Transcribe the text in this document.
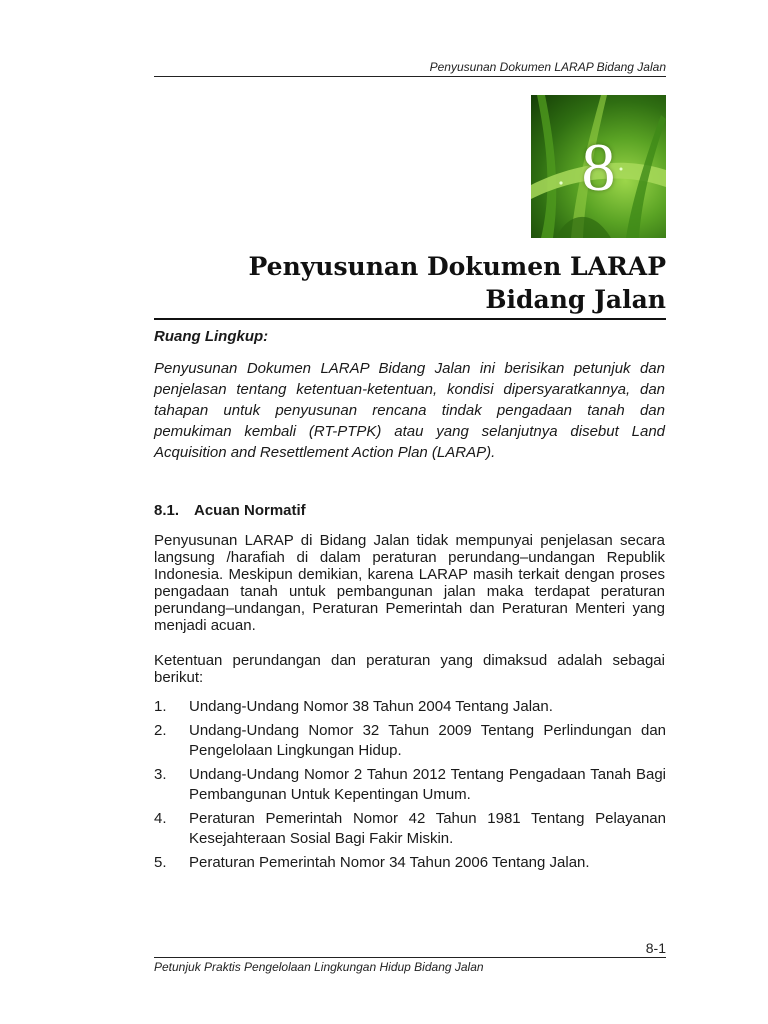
Penyusunan Dokumen LARAP Bidang Jalan
8
Penyusunan Dokumen LARAP
Bidang Jalan
Ruang Lingkup:
Penyusunan Dokumen LARAP Bidang Jalan ini berisikan petunjuk dan penjelasan tentang ketentuan-ketentuan, kondisi dipersyaratkannya, dan tahapan untuk penyusunan rencana tindak pengadaan tanah dan pemukiman kembali (RT-PTPK) atau yang selanjutnya disebut Land Acquisition and Resettlement Action Plan (LARAP).
8.1. Acuan Normatif
Penyusunan LARAP di Bidang Jalan tidak mempunyai penjelasan secara langsung /harafiah di dalam peraturan perundang–undangan Republik Indonesia. Meskipun demikian, karena LARAP masih terkait dengan proses pengadaan tanah untuk pembangunan jalan maka terdapat peraturan perundang–undangan, Peraturan Pemerintah dan Peraturan Menteri yang menjadi acuan.
Ketentuan perundangan dan peraturan yang dimaksud adalah sebagai berikut:
1. Undang-Undang Nomor 38 Tahun 2004 Tentang Jalan.
2. Undang-Undang Nomor 32 Tahun 2009 Tentang Perlindungan dan Pengelolaan Lingkungan Hidup.
3. Undang-Undang Nomor 2 Tahun 2012 Tentang Pengadaan Tanah Bagi Pembangunan Untuk Kepentingan Umum.
4. Peraturan Pemerintah Nomor 42 Tahun 1981 Tentang Pelayanan Kesejahteraan Sosial Bagi Fakir Miskin.
5. Peraturan Pemerintah Nomor 34 Tahun 2006 Tentang Jalan.
8-1
Petunjuk Praktis Pengelolaan Lingkungan Hidup Bidang Jalan
